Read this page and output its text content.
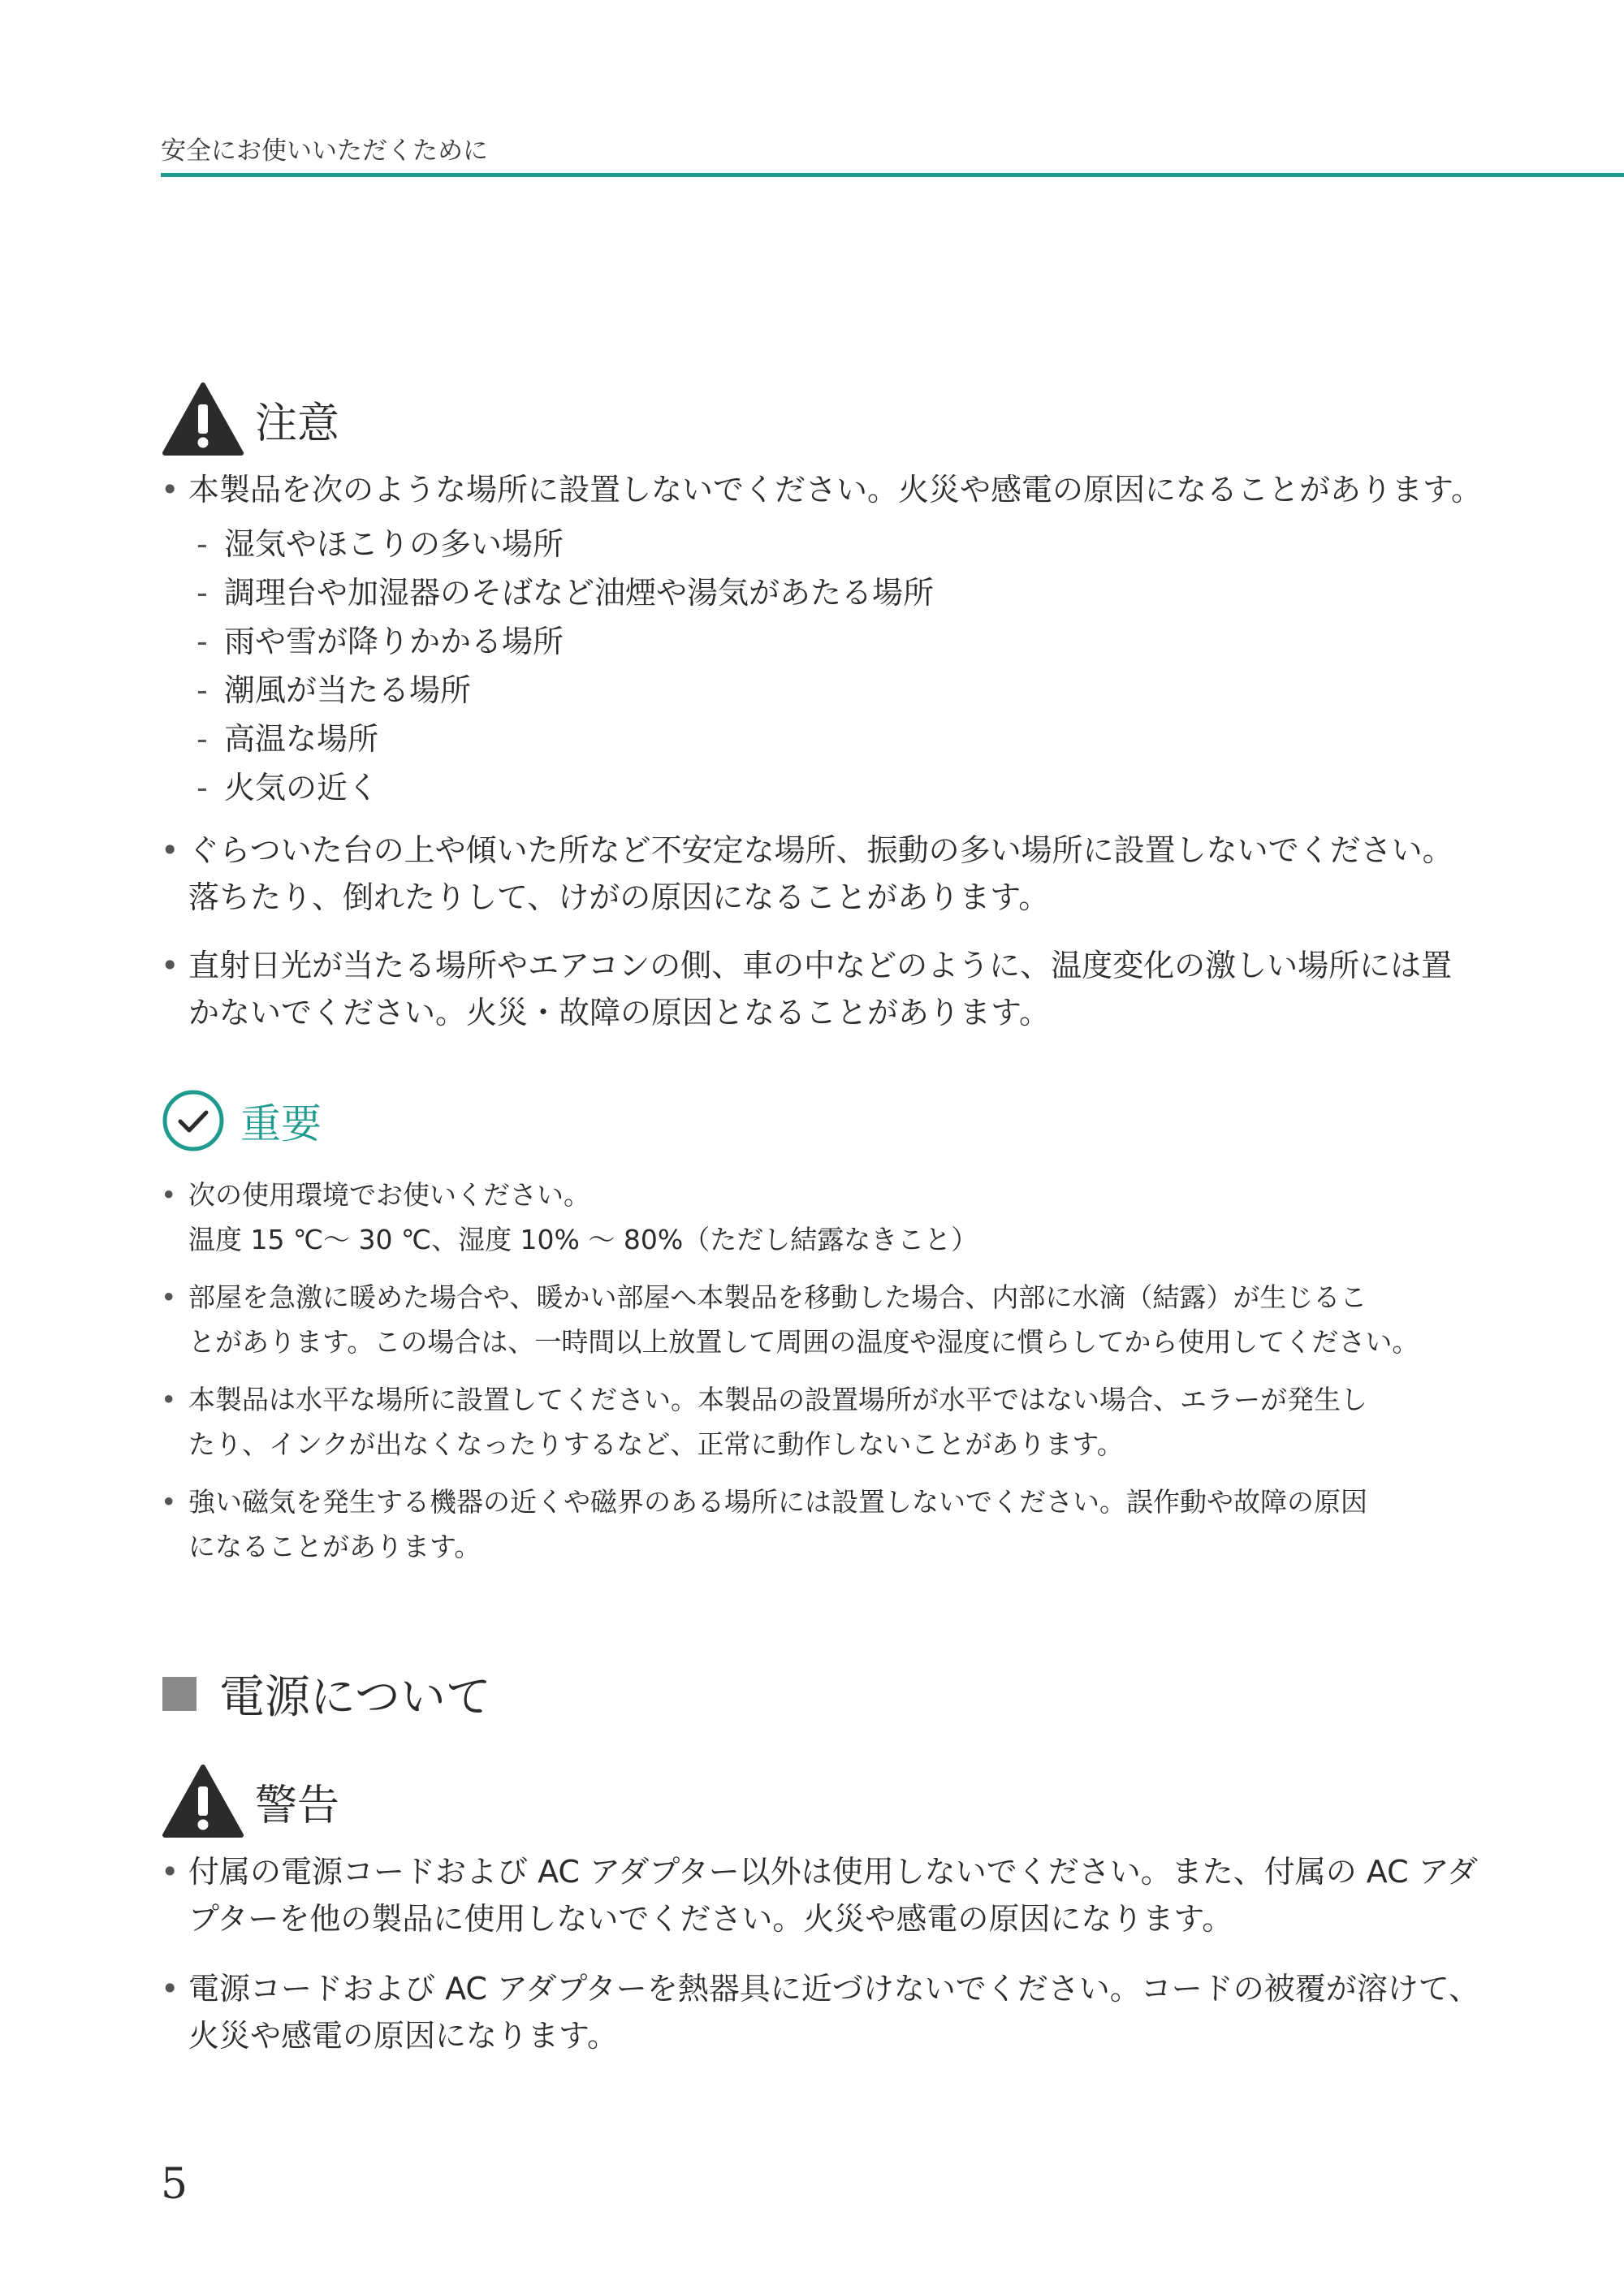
安全にお使いいただくために
注意
• 本製品を次のような場所に設置しないでください。火災や感電の原因になることがあります。
- 湿気やほこりの多い場所
- 調理台や加湿器のそばなど油煙や湯気があたる場所
- 雨や雪が降りかかる場所
- 潮風が当たる場所
- 高温な場所
- 火気の近く
• ぐらついた台の上や傾いた所など不安定な場所、振動の多い場所に設置しないでください。
落ちたり、倒れたりして、けがの原因になることがあります。
• 直射日光が当たる場所やエアコンの側、車の中などのように、温度変化の激しい場所には置
かないでください。火災・故障の原因となることがあります。
重要
• 次の使用環境でお使いください。
温度 15 ℃～ 30 ℃、湿度 10% ～ 80%（ただし結露なきこと）
• 部屋を急激に暖めた場合や、暖かい部屋へ本製品を移動した場合、内部に水滴（結露）が生じるこ
とがあります。この場合は、一時間以上放置して周囲の温度や湿度に慣らしてから使用してください。
• 本製品は水平な場所に設置してください。本製品の設置場所が水平ではない場合、エラーが発生し
たり、インクが出なくなったりするなど、正常に動作しないことがあります。
• 強い磁気を発生する機器の近くや磁界のある場所には設置しないでください。誤作動や故障の原因
になることがあります。
電源について
警告
• 付属の電源コードおよび AC アダプター以外は使用しないでください。また、付属の AC アダ
プターを他の製品に使用しないでください。火災や感電の原因になります。
• 電源コードおよび AC アダプターを熱器具に近づけないでください。コードの被覆が溶けて、
火災や感電の原因になります。
5
